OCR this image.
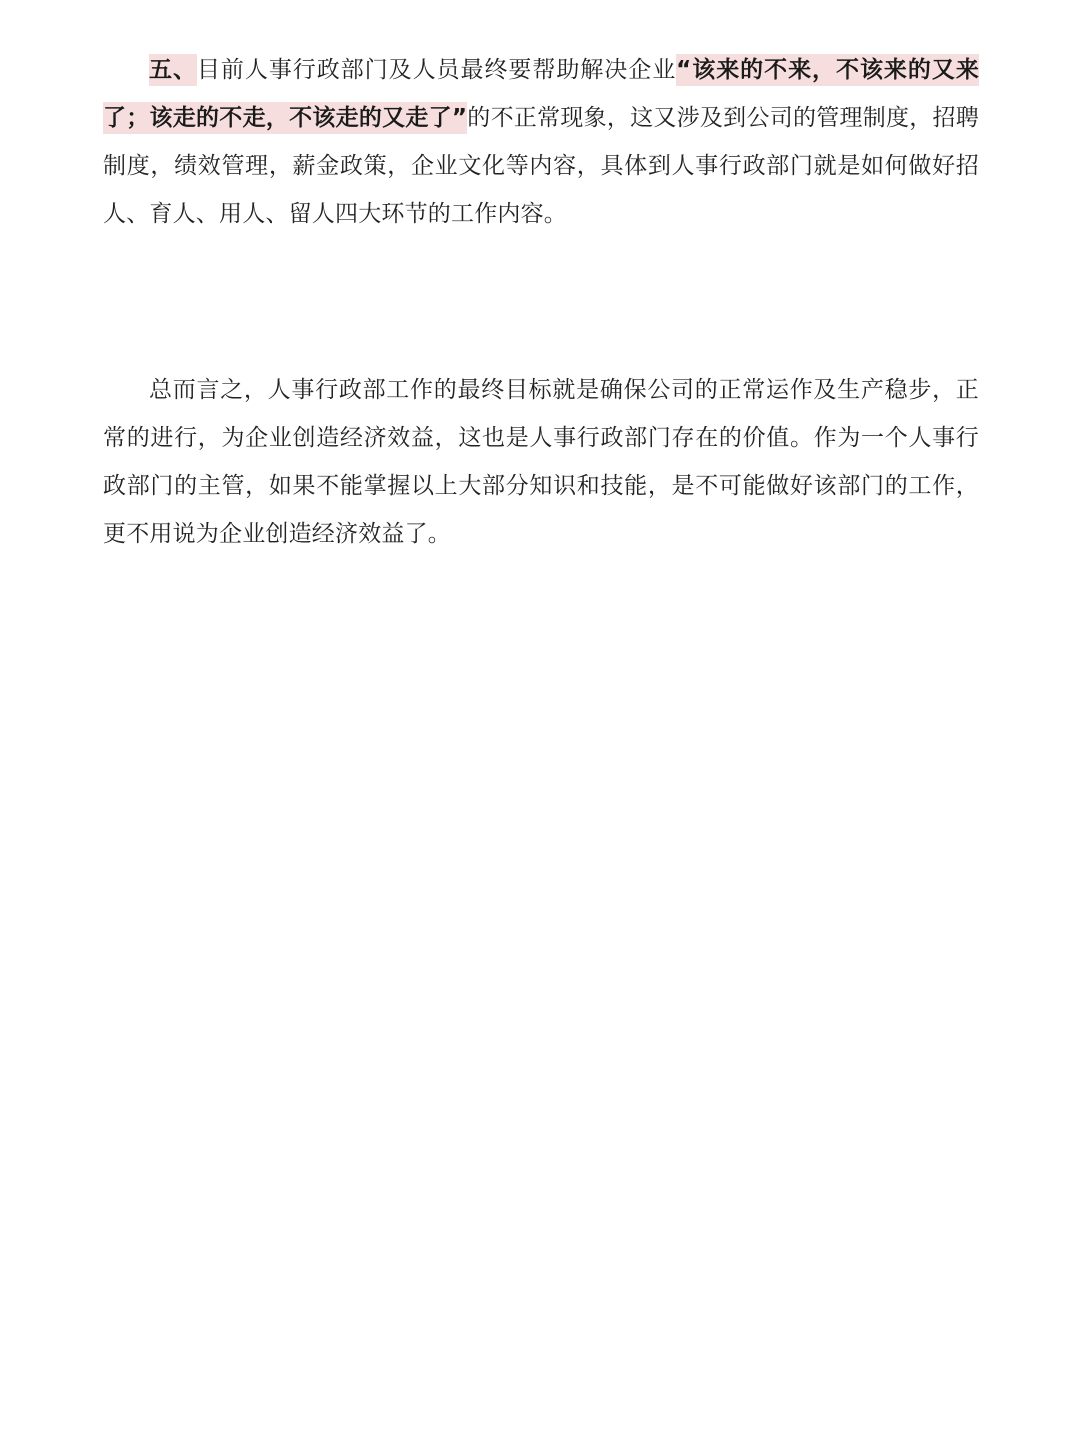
五、目前人事行政部门及人员最终要帮助解决企业“该来的不来，不该来的又来了；该走的不走，不该走的又走了”的不正常现象，这又涉及到公司的管理制度，招聘制度，绩效管理，薪金政策，企业文化等内容，具体到人事行政部门就是如何做好招人、育人、用人、留人四大环节的工作内容。

总而言之，人事行政部工作的最终目标就是确保公司的正常运作及生产稳步，正常的进行，为企业创造经济效益，这也是人事行政部门存在的价值。作为一个人事行政部门的主管，如果不能掌握以上大部分知识和技能，是不可能做好该部门的工作，更不用说为企业创造经济效益了。
